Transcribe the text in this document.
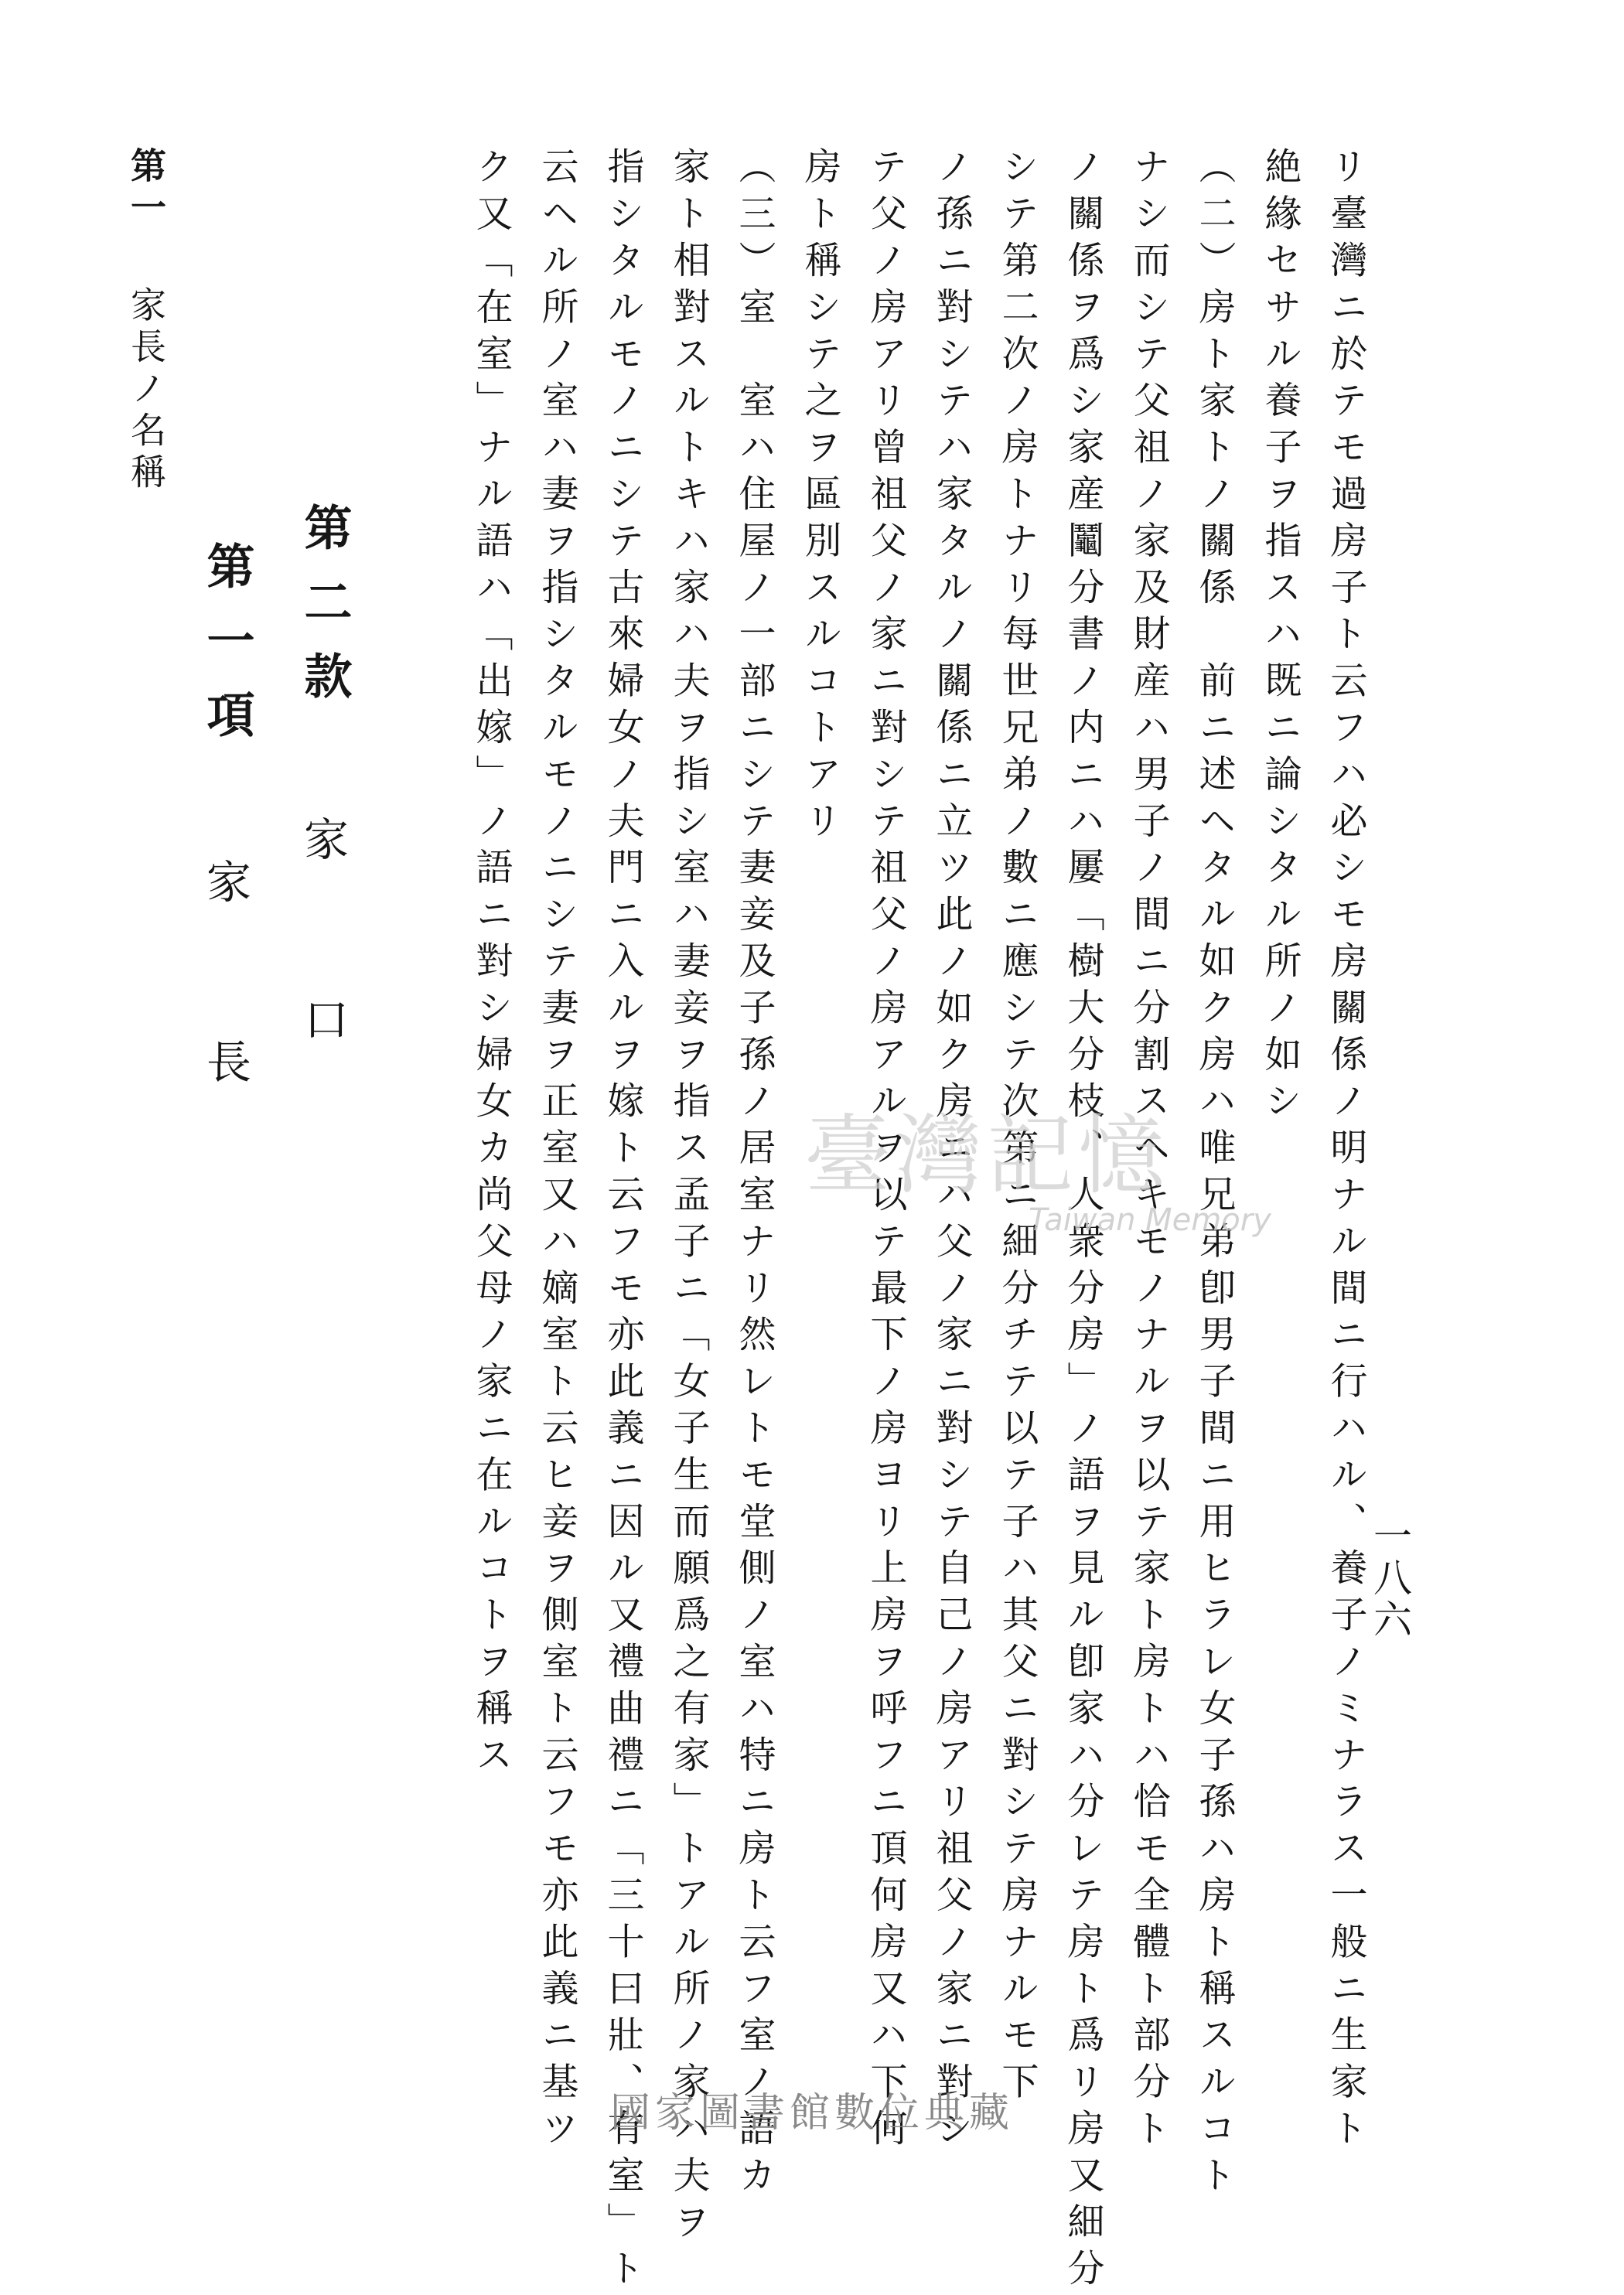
一八六
リ臺灣ニ於テモ過房子ト云フハ必シモ房關係ノ明ナル間ニ行ハル、養子ノミナラス一般ニ生家ト
絶緣セサル養子ヲ指スハ既ニ論シタル所ノ如シ
（二）房ト家トノ關係　前ニ述ヘタル如ク房ハ唯兄弟卽男子間ニ用ヒラレ女子孫ハ房ト稱スルコト
ナシ而シテ父祖ノ家及財産ハ男子ノ間ニ分割スヘキモノナルヲ以テ家ト房トハ恰モ全體ト部分ト
ノ關係ヲ爲シ家産鬮分書ノ内ニハ屢「樹大分枝、人衆分房」ノ語ヲ見ル卽家ハ分レテ房ト爲リ房又細分
シテ第二次ノ房トナリ每世兄弟ノ數ニ應シテ次第ニ細分チテ以テ子ハ其父ニ對シテ房ナルモ下
ノ孫ニ對シテハ家タルノ關係ニ立ツ此ノ如ク房ニハ父ノ家ニ對シテ自己ノ房アリ祖父ノ家ニ對シ
テ父ノ房アリ曾祖父ノ家ニ對シテ祖父ノ房アルヲ以テ最下ノ房ヨリ上房ヲ呼フニ頂何房又ハ下何
房ト稱シテ之ヲ區別スルコトアリ
（三）室　室ハ住屋ノ一部ニシテ妻妾及子孫ノ居室ナリ然レトモ堂側ノ室ハ特ニ房ト云フ室ノ語カ
家ト相對スルトキハ家ハ夫ヲ指シ室ハ妻妾ヲ指ス孟子ニ「女子生而願爲之有家」トアル所ノ家ハ夫ヲ
指シタルモノニシテ古來婦女ノ夫門ニ入ルヲ嫁ト云フモ亦此義ニ因ル又禮曲禮ニ「三十曰壯、有室」ト
云ヘル所ノ室ハ妻ヲ指シタルモノニシテ妻ヲ正室又ハ嫡室ト云ヒ妾ヲ側室ト云フモ亦此義ニ基ツ
ク又「在室」ナル語ハ「出嫁」ノ語ニ對シ婦女カ尚父母ノ家ニ在ルコトヲ稱ス
第二款
家口
第一項
家長
第一
家長ノ名稱
臺灣記憶
Taiwan Memory
國家圖書館數位典藏
